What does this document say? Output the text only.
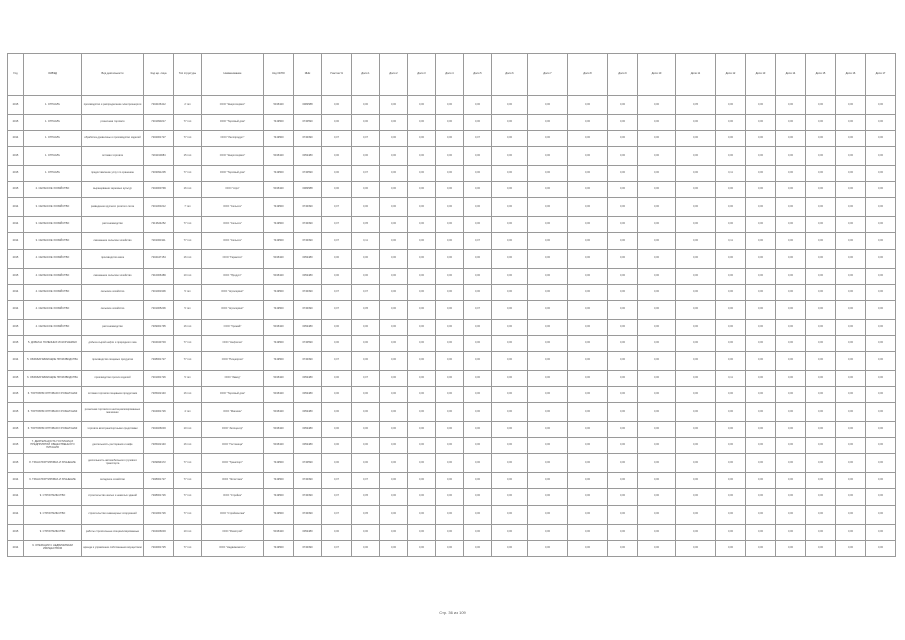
Год	ОКВЭД	Вид деятельности	Код юр. лица	Тип структуры	Наименование	Код ОКПО	ИНН	Участие %	Доля 1	Доля 2	Доля 3	Доля 4	Доля 5	Доля 6	Доля 7	Доля 8	Доля 9	Доля 10	Доля 11	Доля 12	Доля 13	Доля 14	Доля 15	Доля 16	Доля 17
2015	1. ОТРАСЛЬ	производство и распределение электроэнергии	7204166412	2 тип	ООО "Энергосервис"	5015420	0082588	0,00	0,00	0,00	0,00	0,00	0,00	0,00	0,00	0,00	0,00	0,00	0,05	0,00	0,00	0,00	0,00	0,00	0,00
2015	1. ОТРАСЛЬ	розничная торговля	7201990217	77 тип	ООО "Торговый дом"	7419500	0740590	0,00	0,00	0,00	0,00	0,00	0,00	0,00	0,00	0,00	0,00	0,00	0,00	0,00	0,00	0,00	0,00	0,00	0,00
2014	1. ОТРАСЛЬ	обработка древесины и производство изделий	7202001727	77 тип	ООО "Лесопродукт"	7419500	6740390	0,07	0,07	0,00	0,00	0,00	0,07	0,00	0,00	0,00	0,00	0,00	0,00	0,00	0,00	0,00	0,00	0,00	0,00
2015	1. ОТРАСЛЬ	оптовая торговля	7201190084	15 тип	ООО "Энергосервис"	5015420	0052480	0,00	0,00	0,00	0,00	0,00	0,00	0,00	0,00	0,00	0,00	0,00	0,00	0,00	0,00	0,00	0,00	0,00	0,00
2015	1. ОТРАСЛЬ	предоставление услуг по хранению	7203091205	77 тип	ООО "Торговый дом"	7419500	0740590	0,00	0,07	0,00	0,00	0,00	0,00	0,00	0,00	0,00	0,00	0,00	0,00	0,11	0,00	0,00	0,00	0,00	0,00
2015	2. СЕЛЬСКОЕ ХОЗЯЙСТВО	выращивание зерновых культур	7204000799	16 тип	ООО "Агро"	5015420	0082588	0,00	0,00	0,00	0,00	0,00	0,00	0,00	0,00	0,00	0,00	0,00	0,00	0,00	0,00	0,00	0,00	0,00	0,00
2014	3. СЕЛЬСКОЕ ХОЗЯЙСТВО	разведение крупного рогатого скота	7201303212	7 тип	ООО "Сельхоз"	7419500	6740390	0,07	0,00	0,00	0,00	0,00	0,00	0,00	0,00	0,00	0,00	0,00	0,00	0,00	0,00	0,00	0,00	0,00	0,00
2014	3. СЕЛЬСКОЕ ХОЗЯЙСТВО	растениеводство	7213624252	77 тип	ООО "Сельхоз"	7419500	6740390	0,07	0,05	0,00	0,00	0,00	0,00	0,00	0,00	0,00	0,00	0,00	0,00	0,00	0,00	0,00	0,00	0,00	0,00
2014	3. СЕЛЬСКОЕ ХОЗЯЙСТВО	смешанное сельское хозяйство	7201001911	77 тип	ООО "Сельхоз"	7419500	6740390	0,07	0,11	0,00	0,00	0,00	0,07	0,00	0,00	0,00	0,00	0,00	0,00	0,11	0,00	0,00	0,00	0,00	0,00
2015	4. СЕЛЬСКОЕ ХОЗЯЙСТВО	производство мяса	7204447154	16 тип	ООО "Гарантия"	5015420	0052480	0,00	0,00	0,00	0,00	0,00	0,00	0,00	0,00	0,00	0,00	0,00	0,00	0,00	0,00	0,00	0,00	0,00	0,00
2015	4. СЕЛЬСКОЕ ХОЗЯЙСТВО	смешанное сельское хозяйство	7210006489	10 тип	ООО "Продукт"	5015420	0052480	0,00	0,00	0,00	0,00	0,00	0,00	0,00	0,00	0,00	0,00	0,00	0,00	0,00	0,00	0,00	0,00	0,00	0,00
2014	4. СЕЛЬСКОЕ ХОЗЯЙСТВО	сельское хозяйство	7201001906	5 тип	ООО "Агросервис"	7419500	6740390	0,07	0,07	0,00	0,00	0,00	0,00	0,00	0,00	0,00	0,00	0,00	0,00	0,00	0,00	0,00	0,00	0,00	0,00
2014	4. СЕЛЬСКОЕ ХОЗЯЙСТВО	сельское хозяйство	7201005206	5 тип	ООО "Агросервис"	7419500	6740390	0,07	0,05	0,00	0,00	0,00	0,07	0,00	0,00	0,00	0,00	0,00	0,00	0,00	0,00	0,00	0,00	0,00	0,00
2015	4. СЕЛЬСКОЕ ХОЗЯЙСТВО	растениеводство	7209001795	16 тип	ООО "Урожай"	5015420	0052480	0,00	0,00	0,00	0,00	0,00	0,00	0,00	0,00	0,00	0,00	0,00	0,00	0,00	0,00	0,00	0,00	0,00	0,00
2015	5. ДОБЫЧА ПОЛЕЗНЫХ ИСКОПАЕМЫХ	добыча сырой нефти и природного газа	7204043703	77 тип	ООО "Нефтегаз"	7419500	0740590	0,00	0,00	0,00	0,00	0,00	0,00	0,00	0,00	0,00	0,00	0,00	0,00	0,00	0,00	0,00	0,00	0,00	0,00
2014	5. ОБРАБАТЫВАЮЩИЕ ПРОИЗВОДСТВА	производство пищевых продуктов	7208001727	77 тип	ООО "Пищепром"	7419500	6740390	0,07	0,00	0,00	0,00	0,00	0,00	0,00	0,00	0,00	0,00	0,00	0,00	0,00	0,00	0,00	0,00	0,00	0,00
2015	6. ОБРАБАТЫВАЮЩИЕ ПРОИЗВОДСТВА	производство прочих изделий	7201001726	5 тип	ООО "Завод"	5015420	0052480	0,00	0,07	0,00	0,00	0,00	0,00	0,00	0,00	0,00	0,00	0,00	0,00	0,11	0,00	0,00	0,00	0,00	0,00
2015	6. ТОРГОВЛЯ ОПТОВАЯ И РОЗНИЧНАЯ	оптовая торговля пищевыми продуктами	7205402140	16 тип	ООО "Торговый дом"	5015420	0052480	0,00	0,00	0,00	0,00	0,00	0,00	0,00	0,00	0,00	0,00	0,00	0,00	0,00	0,00	0,00	0,00	0,00	0,00
2015	6. ТОРГОВЛЯ ОПТОВАЯ И РОЗНИЧНАЯ	розничная торговля в неспециализированных магазинах	7204001726	4 тип	ООО "Магазин"	5015420	0052480	0,00	0,00	0,00	0,00	0,00	0,00	0,00	0,00	0,00	0,00	0,00	0,00	0,00	0,00	0,00	0,00	0,00	0,00
2015	6. ТОРГОВЛЯ ОПТОВАЯ И РОЗНИЧНАЯ	торговля автотранспортными средствами	7204406003	10 тип	ООО "Автоцентр"	5015420	0052480	0,00	0,00	0,00	0,00	0,00	0,00	0,00	0,00	0,00	0,00	0,00	0,00	0,00	0,00	0,00	0,00	0,00	0,00
2015	7. ДЕЯТЕЛЬНОСТЬ ГОСТИНИЦ И ПРЕДПРИЯТИЙ ОБЩЕСТВЕННОГО ПИТАНИЯ	деятельность ресторанов и кафе	7205402140	16 тип	ООО "Гостиница"	5015420	0052480	0,00	0,00	0,00	0,00	0,00	0,00	0,00	0,00	0,00	0,00	0,00	0,00	0,00	0,00	0,00	0,00	0,00	0,00
2015	8. ТРАНСПОРТИРОВКА И ХРАНЕНИЕ	деятельность автомобильного грузового транспорта	7209999172	77 тип	ООО "Транспорт"	7419500	0740590	0,00	0,00	0,00	0,00	0,00	0,00	0,00	0,00	0,00	0,00	0,00	0,00	0,00	0,00	0,00	0,00	0,00	0,00
2014	9. ТРАНСПОРТИРОВКА И ХРАНЕНИЕ	складское хозяйство	7208001727	77 тип	ООО "Логистика"	7419500	6740390	0,07	0,07	0,00	0,00	0,00	0,00	0,00	0,00	0,00	0,00	0,00	0,00	0,00	0,00	0,00	0,00	0,00	0,00
2014	9. СТРОИТЕЛЬСТВО	строительство жилых и нежилых зданий	7208001726	77 тип	ООО "Стройка"	7419500	6740390	0,07	0,05	0,00	0,00	0,00	0,00	0,00	0,00	0,00	0,00	0,00	0,00	0,00	0,00	0,00	0,00	0,00	0,00
2014	9. СТРОИТЕЛЬСТВО	строительство инженерных сооружений	7201001726	77 тип	ООО "Строймонтаж"	7419500	6740390	0,07	0,05	0,00	0,00	0,00	0,00	0,00	0,00	0,00	0,00	0,00	0,00	0,00	0,00	0,00	0,00	0,00	0,00
2015	9. СТРОИТЕЛЬСТВО	работы строительные специализированные	7204406003	10 тип	ООО "Ремстрой"	5015420	0052480	0,00	0,00	0,00	0,00	0,00	0,00	0,00	0,00	0,00	0,00	0,00	0,00	0,00	0,00	0,00	0,00	0,00	0,00
2014	9. ОПЕРАЦИИ С НЕДВИЖИМЫМ ИМУЩЕСТВОМ	аренда и управление собственным имуществом	7204001725	77 тип	ООО "Недвижимость"	7419500	6740390	0,07	0,00	0,00	0,00	0,00	0,00	0,00	0,00	0,00	0,00	0,00	0,00	0,00	0,00	0,00	0,00	0,00	0,00
Стр. 36 из 109
